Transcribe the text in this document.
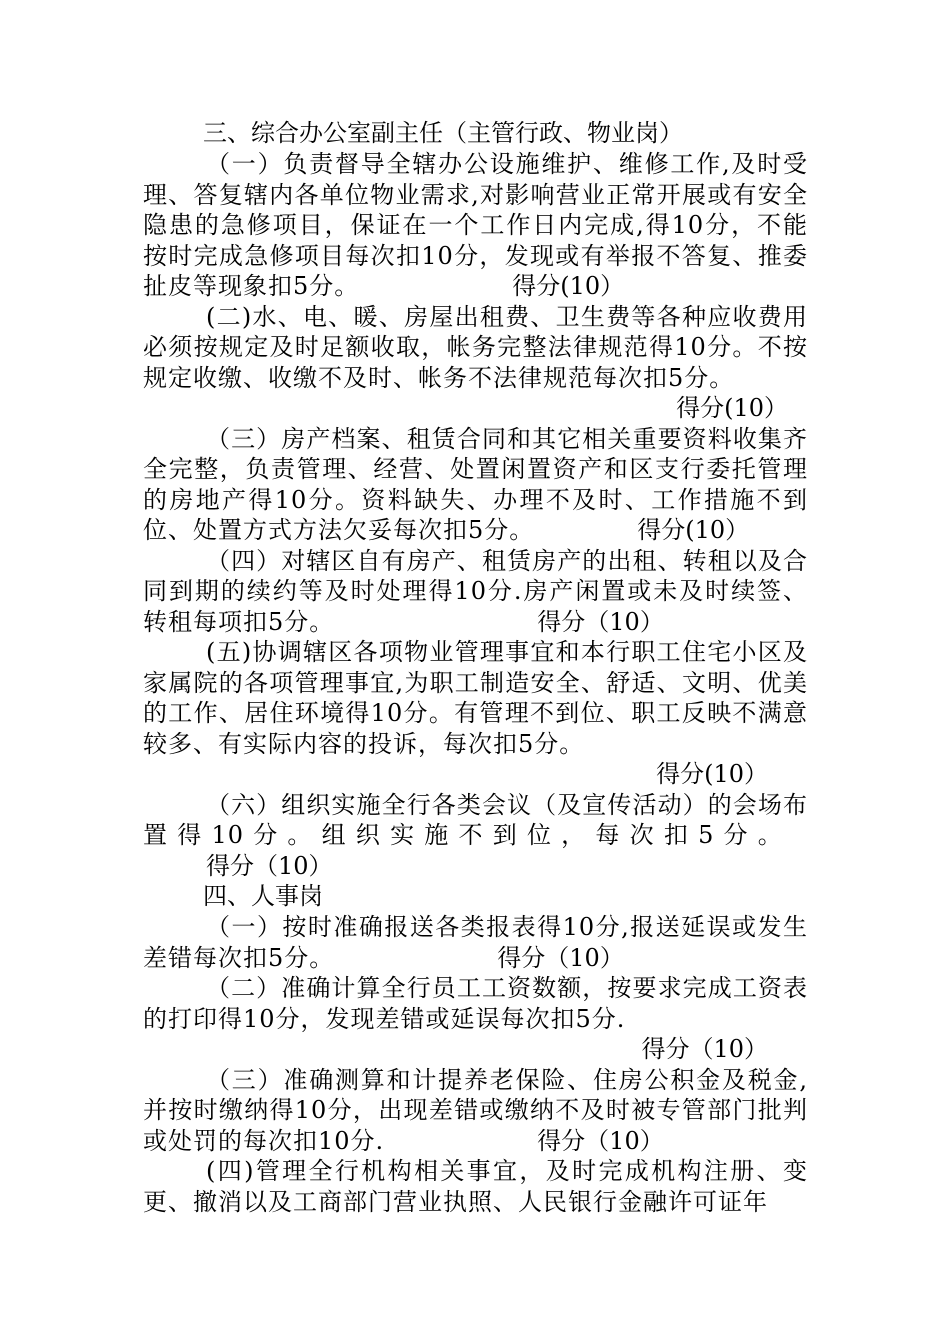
三、综合办公室副主任（主管行政、物业岗）

（一）负责督导全辖办公设施维护、维修工作,及时受理、答复辖内各单位物业需求,对影响营业正常开展或有安全隐患的急修项目，保证在一个工作日内完成,得10分，不能按时完成急修项目每次扣10分，发现或有举报不答复、推委扯皮等现象扣5分。	得分(10）

(二)水、电、暖、房屋出租费、卫生费等各种应收费用必须按规定及时足额收取，帐务完整法律规范得10分。不按规定收缴、收缴不及时、帐务不法律规范每次扣5分。

得分(10）

（三）房产档案、租赁合同和其它相关重要资料收集齐全完整，负责管理、经营、处置闲置资产和区支行委托管理的房地产得10分。资料缺失、办理不及时、工作措施不到位、处置方式方法欠妥每次扣5分。	得分(10）

（四）对辖区自有房产、租赁房产的出租、转租以及合同到期的续约等及时处理得10分.房产闲置或未及时续签、转租每项扣5分。	得分（10）

(五)协调辖区各项物业管理事宜和本行职工住宅小区及家属院的各项管理事宜,为职工制造安全、舒适、文明、优美的工作、居住环境得10分。有管理不到位、职工反映不满意较多、有实际内容的投诉，每次扣5分。

得分(10）

（六）组织实施全行各类会议（及宣传活动）的会场布置得10分。组织实施不到位，每次扣5分。得分（10）

四、人事岗

（一）按时准确报送各类报表得10分,报送延误或发生差错每次扣5分。	得分（10）

（二）准确计算全行员工工资数额，按要求完成工资表的打印得10分，发现差错或延误每次扣5分.

得分（10）

（三）准确测算和计提养老保险、住房公积金及税金,并按时缴纳得10分，出现差错或缴纳不及时被专管部门批判或处罚的每次扣10分.	得分（10）

(四)管理全行机构相关事宜，及时完成机构注册、变更、撤消以及工商部门营业执照、人民银行金融许可证年
